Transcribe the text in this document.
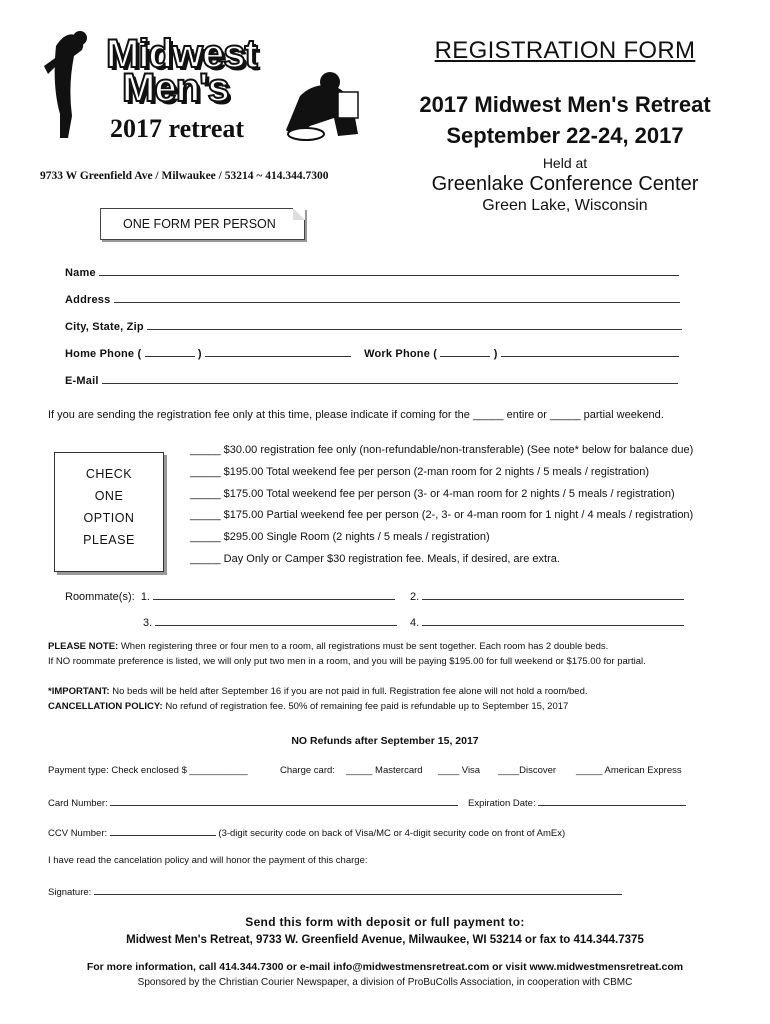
Midwest
Men's
2017 retreat
9733 W Greenfield Ave / Milwaukee / 53214 ~ 414.344.7300
ONE FORM PER PERSON
REGISTRATION FORM
2017 Midwest Men's Retreat
September 22-24, 2017
Held at
Greenlake Conference Center
Green Lake, Wisconsin
Name
Address
City, State, Zip
Home Phone (	)	Work Phone (	)
E-Mail
If you are sending the registration fee only at this time, please indicate if coming for the _____ entire or _____ partial weekend.
CHECK
ONE
OPTION
PLEASE
_____ $30.00 registration fee only (non-refundable/non-transferable) (See note* below for balance due)
_____ $195.00 Total weekend fee per person (2-man room for 2 nights / 5 meals / registration)
_____ $175.00 Total weekend fee per person (3- or 4-man room for 2 nights / 5 meals / registration)
_____ $175.00 Partial weekend fee per person (2-, 3- or 4-man room for 1 night / 4 meals / registration)
_____ $295.00 Single Room (2 nights / 5 meals / registration)
_____ Day Only or Camper $30 registration fee. Meals, if desired, are extra.
Roommate(s): 1.	2.
3.	4.
PLEASE NOTE: When registering three or four men to a room, all registrations must be sent together. Each room has 2 double beds.
If NO roommate preference is listed, we will only put two men in a room, and you will be paying $195.00 for full weekend or $175.00 for partial.
*IMPORTANT: No beds will be held after September 16 if you are not paid in full. Registration fee alone will not hold a room/bed.
CANCELLATION POLICY: No refund of registration fee. 50% of remaining fee paid is refundable up to September 15, 2017
NO Refunds after September 15, 2017
Payment type: Check enclosed $ ___________	Charge card: _____ Mastercard ____ Visa ____Discover _____ American Express
Card Number:	Expiration Date:
CCV Number:	(3-digit security code on back of Visa/MC or 4-digit security code on front of AmEx)
I have read the cancelation policy and will honor the payment of this charge:
Signature:
Send this form with deposit or full payment to:
Midwest Men's Retreat, 9733 W. Greenfield Avenue, Milwaukee, WI 53214 or fax to 414.344.7375
For more information, call 414.344.7300 or e-mail info@midwestmensretreat.com or visit www.midwestmensretreat.com
Sponsored by the Christian Courier Newspaper, a division of ProBuColls Association, in cooperation with CBMC
